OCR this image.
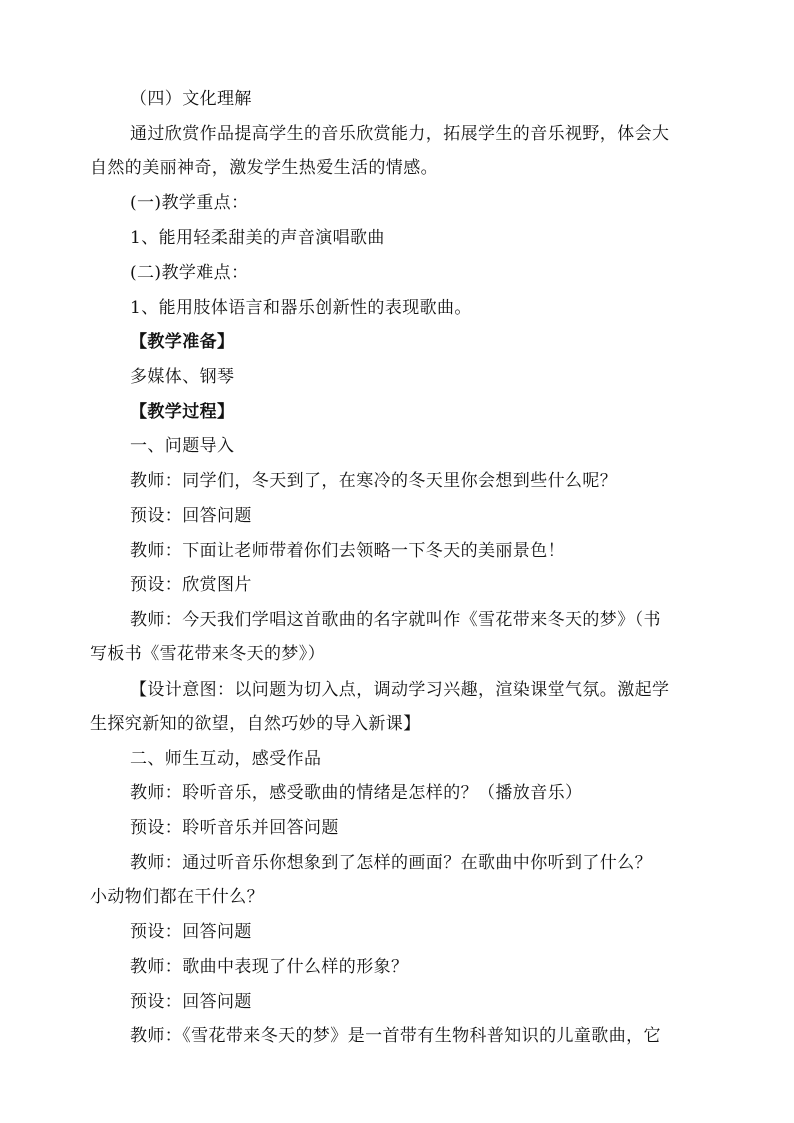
（四）文化理解
通过欣赏作品提高学生的音乐欣赏能力，拓展学生的音乐视野，体会大
自然的美丽神奇，激发学生热爱生活的情感。
(一)教学重点：
1、能用轻柔甜美的声音演唱歌曲
(二)教学难点：
1、能用肢体语言和器乐创新性的表现歌曲。
【教学准备】
多媒体、钢琴
【教学过程】
一、问题导入
教师：同学们，冬天到了，在寒冷的冬天里你会想到些什么呢？
预设：回答问题
教师：下面让老师带着你们去领略一下冬天的美丽景色！
预设：欣赏图片
教师：今天我们学唱这首歌曲的名字就叫作《雪花带来冬天的梦》（书
写板书《雪花带来冬天的梦》）
【设计意图：以问题为切入点，调动学习兴趣，渲染课堂气氛。激起学
生探究新知的欲望，自然巧妙的导入新课】
二、师生互动，感受作品
教师：聆听音乐，感受歌曲的情绪是怎样的？（播放音乐）
预设：聆听音乐并回答问题
教师：通过听音乐你想象到了怎样的画面？在歌曲中你听到了什么？
小动物们都在干什么？
预设：回答问题
教师：歌曲中表现了什么样的形象？
预设：回答问题
教师：《雪花带来冬天的梦》是一首带有生物科普知识的儿童歌曲，它
